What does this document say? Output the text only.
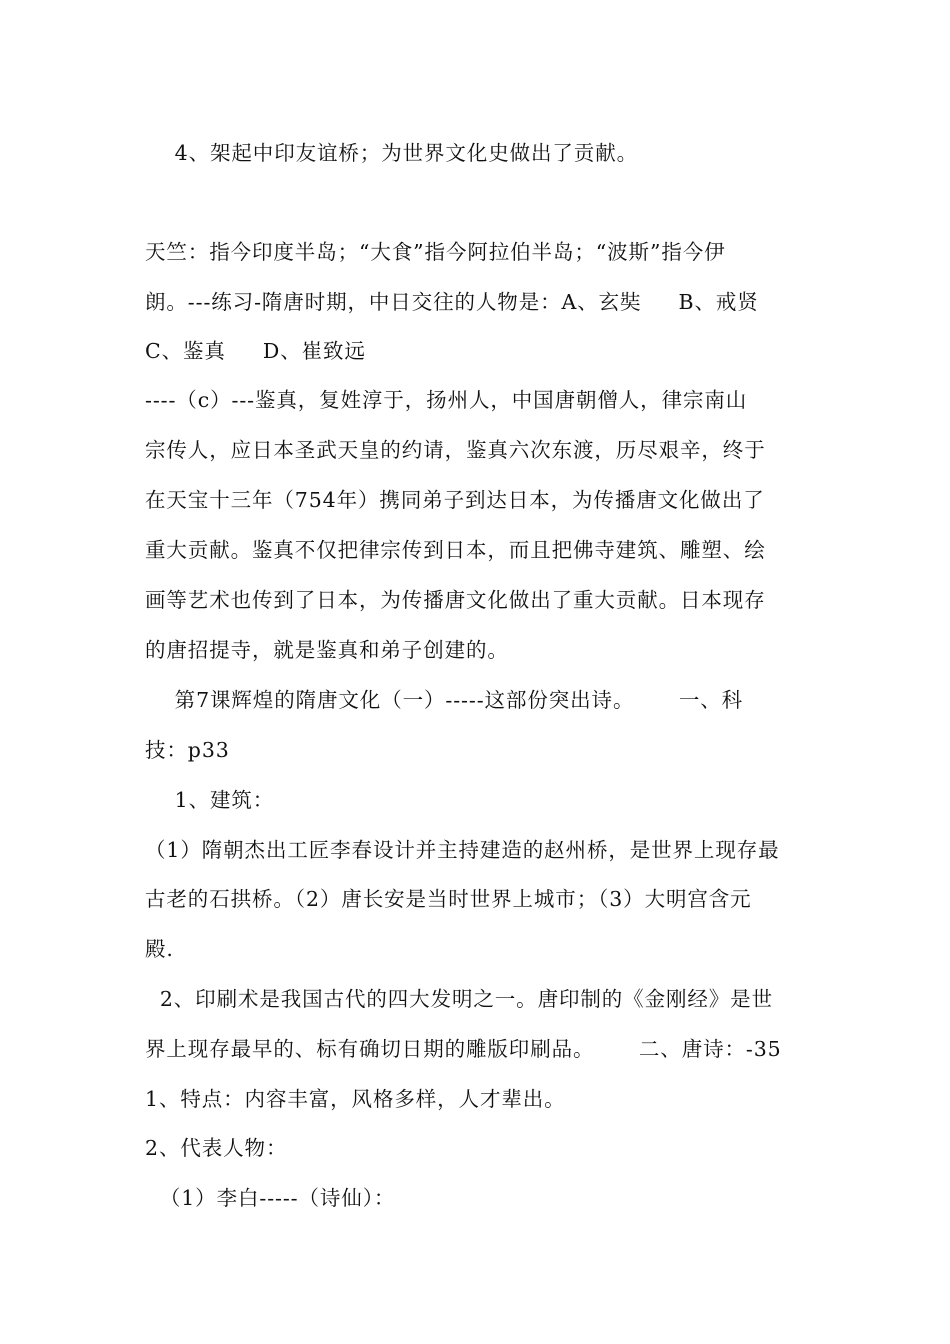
4、架起中印友谊桥；为世界文化史做出了贡献。
天竺：指今印度半岛；“大食”指今阿拉伯半岛；“波斯”指今伊
朗。---练习-隋唐时期，中日交往的人物是：A、玄奘     B、戒贤
C、鉴真     D、崔致远
----（c）---鉴真，复姓淳于，扬州人，中国唐朝僧人，律宗南山
宗传人，应日本圣武天皇的约请，鉴真六次东渡，历尽艰辛，终于
在天宝十三年（754年）携同弟子到达日本，为传播唐文化做出了
重大贡献。鉴真不仅把律宗传到日本，而且把佛寺建筑、雕塑、绘
画等艺术也传到了日本，为传播唐文化做出了重大贡献。日本现存
的唐招提寺，就是鉴真和弟子创建的。
第7课辉煌的隋唐文化（一）-----这部份突出诗。      一、科
技：p33
1、建筑：
（1）隋朝杰出工匠李春设计并主持建造的赵州桥，是世界上现存最
古老的石拱桥。（2）唐长安是当时世界上城市；（3）大明宫含元
殿.
2、印刷术是我国古代的四大发明之一。唐印制的《金刚经》是世
界上现存最早的、标有确切日期的雕版印刷品。      二、唐诗：-35
1、特点：内容丰富，风格多样，人才辈出。
2、代表人物：
（1）李白-----（诗仙）：
